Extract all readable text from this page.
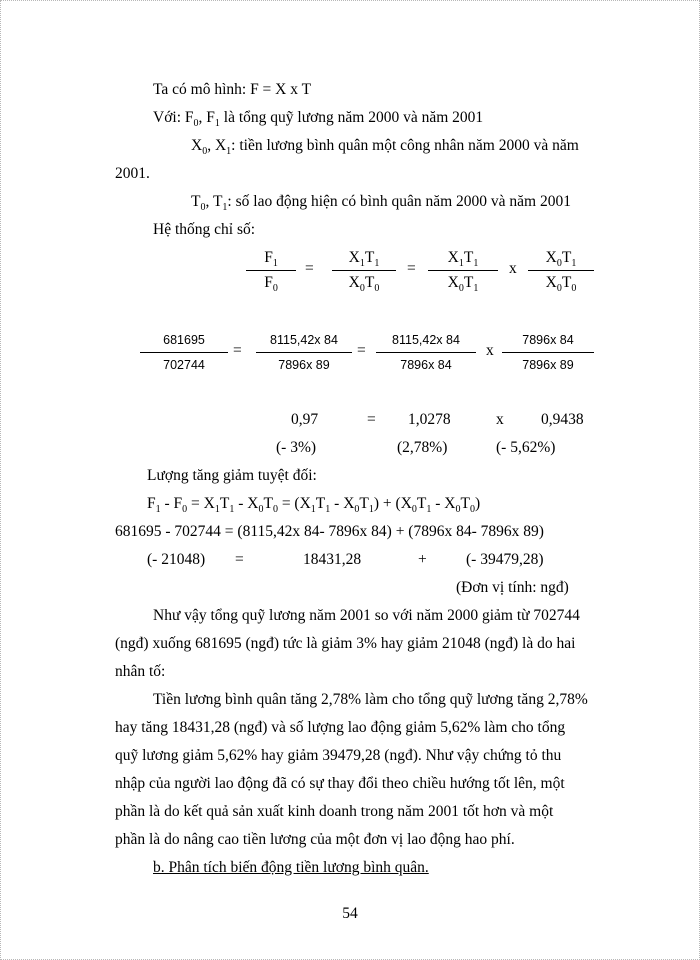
Ta có mô hình: F = X x T
Với: $F_0$, $F_1$ là tổng quỹ lương năm 2000 và năm 2001
$X_0$, $X_1$: tiền lương bình quân một công nhân năm 2000 và năm
2001.
$T_0$, $T_1$: số lao động hiện có bình quân năm 2000 và năm 2001
Hệ thống chỉ số:
$F_1$
$F_0$
=
$X_1T_1$
$X_0T_0$
=
$X_1T_1$
$X_0T_1$
x
$X_0T_1$
$X_0T_0$
681695
702744
=
8115,42x 84
7896x 89
=
8115,42x 84
7896x 84
x
7896x 84
7896x 89
0,97	= 1,0278	x 0,9438
(- 3%)	(2,78%)	(- 5,62%)
Lượng tăng giảm tuyệt đối:
$F_1 - F_0 = X_1T_1 - X_0T_0 = (X_1T_1 - X_0T_1) + (X_0T_1 - X_0T_0)$
681695 - 702744 = (8115,42x 84- 7896x 84) + (7896x 84- 7896x 89)
(- 21048) =	18431,28	+	(- 39479,28)
(Đơn vị tính: ngđ)
Như vậy tổng quỹ lương năm 2001 so với năm 2000 giảm từ 702744
(ngđ) xuống 681695 (ngđ) tức là giảm 3% hay giảm 21048 (ngđ) là do hai
nhân tố:
Tiền lương bình quân tăng 2,78% làm cho tổng quỹ lương tăng 2,78%
hay tăng 18431,28 (ngđ) và số lượng lao động giảm 5,62% làm cho tổng
quỹ lương giảm 5,62% hay giảm 39479,28 (ngđ). Như vậy chứng tỏ thu
nhập của người lao động đã có sự thay đổi theo chiều hướng tốt lên, một
phần là do kết quả sản xuất kinh doanh trong năm 2001 tốt hơn và một
phần là do nâng cao tiền lương của một đơn vị lao động hao phí.
b. Phân tích biến động tiền lương bình quân.
54
